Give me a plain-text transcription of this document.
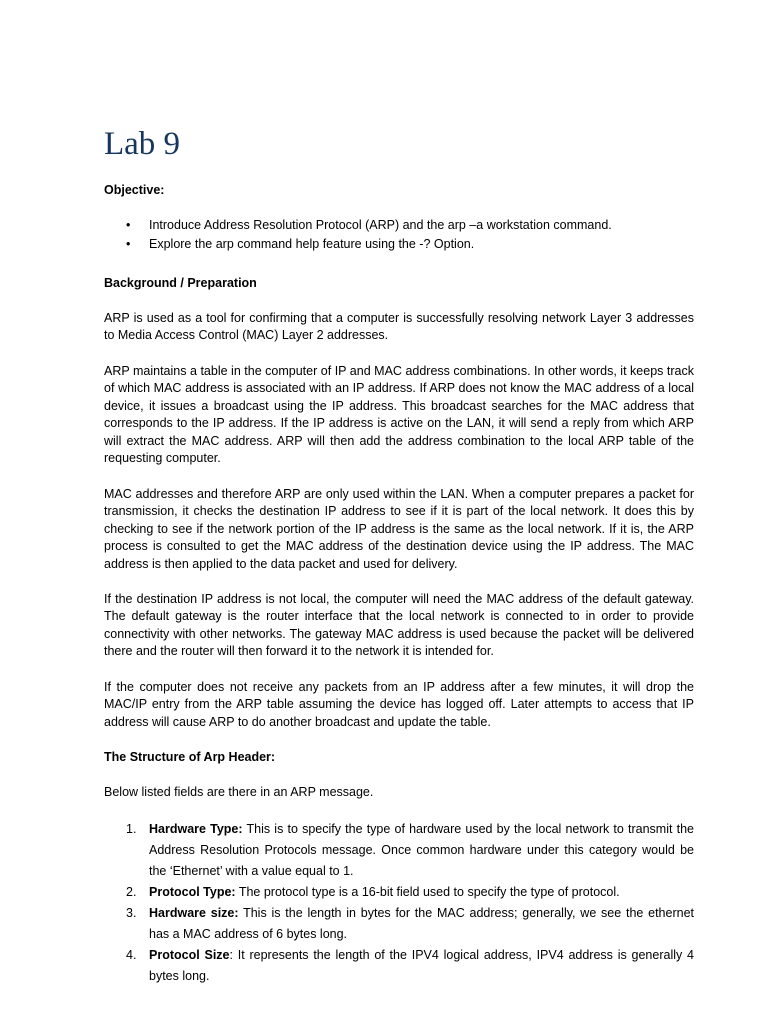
Lab 9

Objective:

• Introduce Address Resolution Protocol (ARP) and the arp –a workstation command.
• Explore the arp command help feature using the -? Option.

Background / Preparation

ARP is used as a tool for confirming that a computer is successfully resolving network Layer 3 addresses to Media Access Control (MAC) Layer 2 addresses.

ARP maintains a table in the computer of IP and MAC address combinations. In other words, it keeps track of which MAC address is associated with an IP address. If ARP does not know the MAC address of a local device, it issues a broadcast using the IP address. This broadcast searches for the MAC address that corresponds to the IP address. If the IP address is active on the LAN, it will send a reply from which ARP will extract the MAC address. ARP will then add the address combination to the local ARP table of the requesting computer.

MAC addresses and therefore ARP are only used within the LAN. When a computer prepares a packet for transmission, it checks the destination IP address to see if it is part of the local network. It does this by checking to see if the network portion of the IP address is the same as the local network. If it is, the ARP process is consulted to get the MAC address of the destination device using the IP address. The MAC address is then applied to the data packet and used for delivery.

If the destination IP address is not local, the computer will need the MAC address of the default gateway. The default gateway is the router interface that the local network is connected to in order to provide connectivity with other networks. The gateway MAC address is used because the packet will be delivered there and the router will then forward it to the network it is intended for.

If the computer does not receive any packets from an IP address after a few minutes, it will drop the MAC/IP entry from the ARP table assuming the device has logged off. Later attempts to access that IP address will cause ARP to do another broadcast and update the table.

The Structure of Arp Header:

Below listed fields are there in an ARP message.

1. Hardware Type: This is to specify the type of hardware used by the local network to transmit the Address Resolution Protocols message. Once common hardware under this category would be the ‘Ethernet’ with a value equal to 1.
2. Protocol Type: The protocol type is a 16-bit field used to specify the type of protocol.
3. Hardware size: This is the length in bytes for the MAC address; generally, we see the ethernet has a MAC address of 6 bytes long.
4. Protocol Size: It represents the length of the IPV4 logical address, IPV4 address is generally 4 bytes long.
